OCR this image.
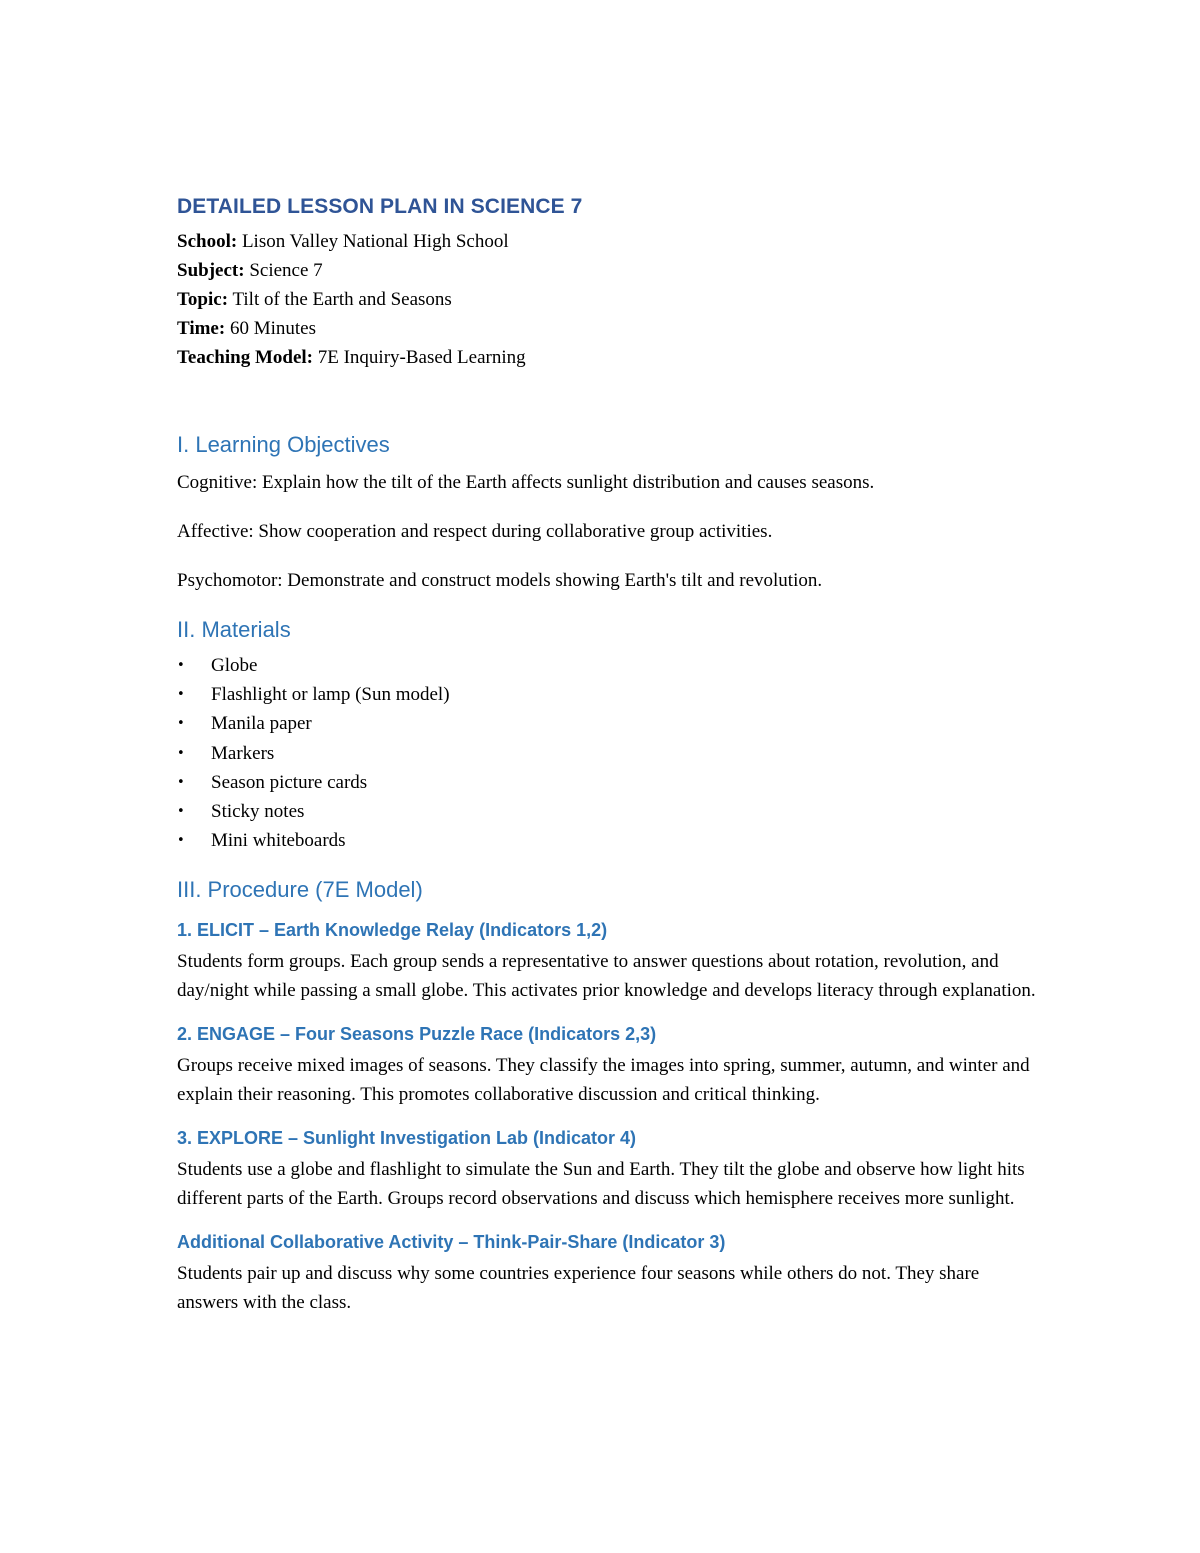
DETAILED LESSON PLAN IN SCIENCE 7

School: Lison Valley National High School

Subject: Science 7

Topic: Tilt of the Earth and Seasons

Time: 60 Minutes

Teaching Model: 7E Inquiry-Based Learning

I. Learning Objectives

Cognitive: Explain how the tilt of the Earth affects sunlight distribution and causes seasons.

Affective: Show cooperation and respect during collaborative group activities.

Psychomotor: Demonstrate and construct models showing Earth's tilt and revolution.

II. Materials
• Globe
• Flashlight or lamp (Sun model)
• Manila paper
• Markers
• Season picture cards
• Sticky notes
• Mini whiteboards
III. Procedure (7E Model)
1. ELICIT – Earth Knowledge Relay (Indicators 1,2)

Students form groups. Each group sends a representative to answer questions about rotation, revolution, and day/night while passing a small globe. This activates prior knowledge and develops literacy through explanation.

2. ENGAGE – Four Seasons Puzzle Race (Indicators 2,3)

Groups receive mixed images of seasons. They classify the images into spring, summer, autumn, and winter and explain their reasoning. This promotes collaborative discussion and critical thinking.

3. EXPLORE – Sunlight Investigation Lab (Indicator 4)

Students use a globe and flashlight to simulate the Sun and Earth. They tilt the globe and observe how light hits different parts of the Earth. Groups record observations and discuss which hemisphere receives more sunlight.

Additional Collaborative Activity – Think-Pair-Share (Indicator 3)

Students pair up and discuss why some countries experience four seasons while others do not. They share answers with the class.
